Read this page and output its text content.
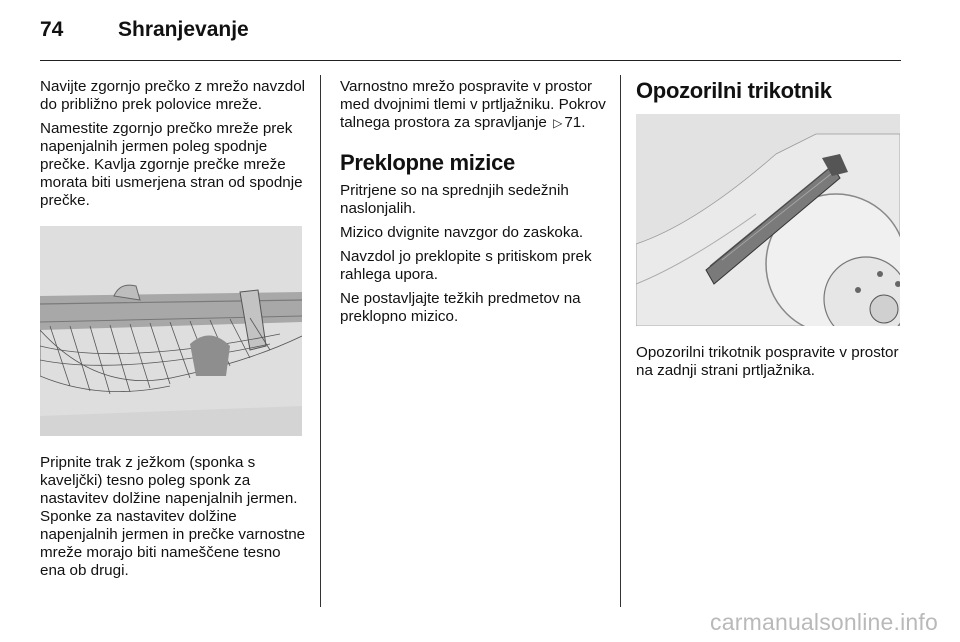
74	Shranjevanje

Navijte zgornjo prečko z mrežo navzdol do približno prek polovice mreže.

Namestite zgornjo prečko mreže prek napenjalnih jermen poleg spodnje prečke. Kavlja zgornje prečke mreže morata biti usmerjena stran od spodnje prečke.

Pripnite trak z ježkom (sponka s kaveljčki) tesno poleg sponk za nastavitev dolžine napenjalnih jermen. Sponke za nastavitev dolžine napenjalnih jermen in prečke varnostne mreže morajo biti nameščene tesno ena ob drugi.

Varnostno mrežo pospravite v prostor med dvojnimi tlemi v prtljažniku. Pokrov talnega prostora za spravljanje ▷ 71.

Preklopne mizice

Pritrjene so na sprednjih sedežnih naslonjalih.

Mizico dvignite navzgor do zaskoka.

Navzdol jo preklopite s pritiskom prek rahlega upora.

Ne postavljajte težkih predmetov na preklopno mizico.

Opozorilni trikotnik

Opozorilni trikotnik pospravite v prostor na zadnji strani prtljažnika.

carmanualsonline.info
